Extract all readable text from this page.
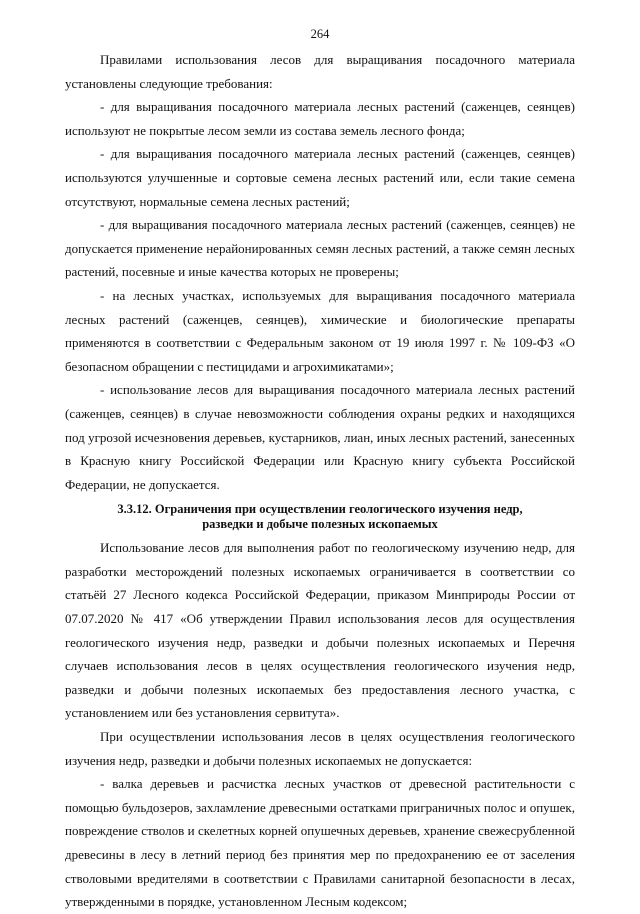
264

Правилами использования лесов для выращивания посадочного материала установлены следующие требования:

- для выращивания посадочного материала лесных растений (саженцев, сеянцев) используют не покрытые лесом земли из состава земель лесного фонда;

- для выращивания посадочного материала лесных растений (саженцев, сеянцев) используются улучшенные и сортовые семена лесных растений или, если такие семена отсутствуют, нормальные семена лесных растений;

- для выращивания посадочного материала лесных растений (саженцев, сеянцев) не допускается применение нерайонированных семян лесных растений, а также семян лесных растений, посевные и иные качества которых не проверены;

- на лесных участках, используемых для выращивания посадочного материала лесных растений (саженцев, сеянцев), химические и биологические препараты применяются в соответствии с Федеральным законом от 19 июля 1997 г. № 109-ФЗ «О безопасном обращении с пестицидами и агрохимикатами»;

- использование лесов для выращивания посадочного материала лесных растений (саженцев, сеянцев) в случае невозможности соблюдения охраны редких и находящихся под угрозой исчезновения деревьев, кустарников, лиан, иных лесных растений, занесенных в Красную книгу Российской Федерации или Красную книгу субъекта Российской Федерации, не допускается.

3.3.12. Ограничения при осуществлении геологического изучения недр,
разведки и добыче полезных ископаемых

Использование лесов для выполнения работ по геологическому изучению недр, для разработки месторождений полезных ископаемых ограничивается в соответствии со статьёй 27 Лесного кодекса Российской Федерации, приказом Минприроды России от 07.07.2020 № 417 «Об утверждении Правил использования лесов для осуществления геологического изучения недр, разведки и добычи полезных ископаемых и Перечня случаев использования лесов в целях осуществления геологического изучения недр, разведки и добычи полезных ископаемых без предоставления лесного участка, с установлением или без установления сервитута».

При осуществлении использования лесов в целях осуществления геологического изучения недр, разведки и добычи полезных ископаемых не допускается:

- валка деревьев и расчистка лесных участков от древесной растительности с помощью бульдозеров, захламление древесными остатками приграничных полос и опушек, повреждение стволов и скелетных корней опушечных деревьев, хранение свежесрубленной древесины в лесу в летний период без принятия мер по предохранению ее от заселения стволовыми вредителями в соответствии с Правилами санитарной безопасности в лесах, утвержденными в порядке, установленном Лесным кодексом;
